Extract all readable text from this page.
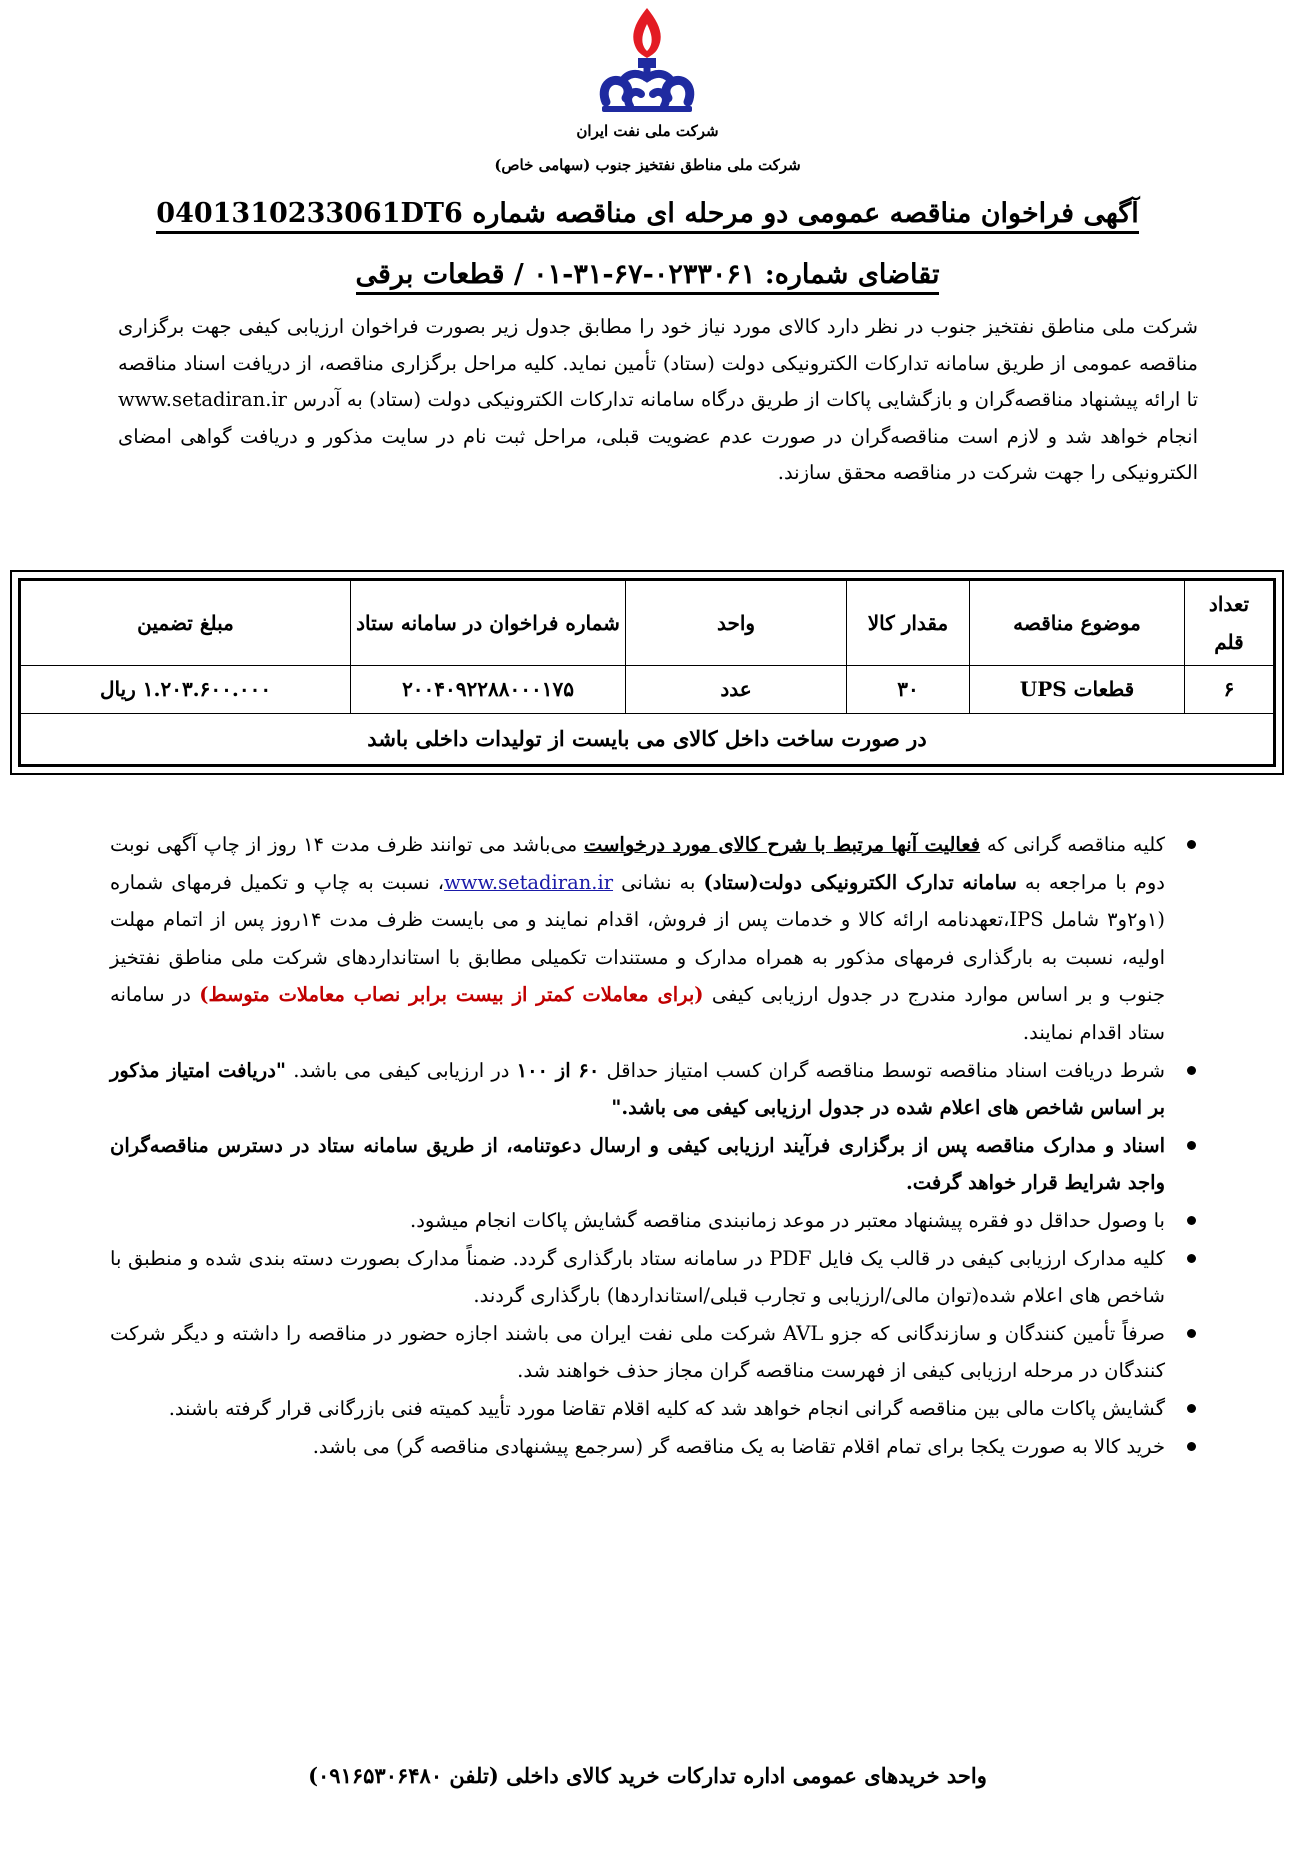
شرکت ملی نفت ایران
شرکت ملی مناطق نفتخیز جنوب (سهامی خاص)
آگهی فراخوان مناقصه عمومی دو مرحله ای مناقصه شماره 0401310233061DT6
تقاضای شماره: ۰۲۳۳۰۶۱-۶۷-۳۱-۰۱ / قطعات برقی
شرکت ملی مناطق نفتخیز جنوب در نظر دارد کالای مورد نیاز خود را مطابق جدول زیر بصورت فراخوان ارزیابی کیفی جهت برگزاری مناقصه عمومی از طریق سامانه تدارکات الکترونیکی دولت (ستاد) تأمین نماید. کلیه مراحل برگزاری مناقصه، از دریافت اسناد مناقصه تا ارائه پیشنهاد مناقصه‌گران و بازگشایی پاکات از طریق درگاه سامانه تدارکات الکترونیکی دولت (ستاد) به آدرس www.setadiran.ir انجام خواهد شد و لازم است مناقصه‌گران در صورت عدم عضویت قبلی، مراحل ثبت نام در سایت مذکور و دریافت گواهی امضای الکترونیکی را جهت شرکت در مناقصه محقق سازند.
تعداد
قلم	موضوع مناقصه	مقدار کالا	واحد	شماره فراخوان در سامانه ستاد	مبلغ تضمین
۶	قطعات UPS	۳۰	عدد	۲۰۰۴۰۹۲۲۸۸۰۰۰۱۷۵	۱.۲۰۳.۶۰۰.۰۰۰ ریال
در صورت ساخت داخل کالای می بایست از تولیدات داخلی باشد					
کلیه مناقصه گرانی که فعالیت آنها مرتبط با شرح کالای مورد درخواست می‌باشد می توانند ظرف مدت ۱۴ روز از چاپ آگهی نوبت دوم با مراجعه به سامانه تدارک الکترونیکی دولت(ستاد) به نشانی www.setadiran.ir، نسبت به چاپ و تکمیل فرمهای شماره (۱و۲و۳ شامل IPS،تعهدنامه ارائه کالا و خدمات پس از فروش، اقدام نمایند و می بایست ظرف مدت ۱۴روز پس از اتمام مهلت اولیه، نسبت به بارگذاری فرمهای مذکور به همراه مدارک و مستندات تکمیلی مطابق با استانداردهای شرکت ملی مناطق نفتخیز جنوب و بر اساس موارد مندرج در جدول ارزیابی کیفی (برای معاملات کمتر از بیست برابر نصاب معاملات متوسط) در سامانه ستاد اقدام نمایند.
شرط دریافت اسناد مناقصه توسط مناقصه گران کسب امتیاز حداقل ۶۰ از ۱۰۰ در ارزیابی کیفی می باشد. "دریافت امتیاز مذکور بر اساس شاخص های اعلام شده در جدول ارزیابی کیفی می باشد."
اسناد و مدارک مناقصه پس از برگزاری فرآیند ارزیابی کیفی و ارسال دعوتنامه، از طریق سامانه ستاد در دسترس مناقصه‌گران واجد شرایط قرار خواهد گرفت.
با وصول حداقل دو فقره پیشنهاد معتبر در موعد زمانبندی مناقصه گشایش پاکات انجام میشود.
کلیه مدارک ارزیابی کیفی در قالب یک فایل PDF در سامانه ستاد بارگذاری گردد. ضمناً مدارک بصورت دسته بندی شده و منطبق با شاخص های اعلام شده(توان مالی/ارزیابی و تجارب قبلی/استانداردها) بارگذاری گردند.
صرفاً تأمین کنندگان و سازندگانی که جزو AVL شرکت ملی نفت ایران می باشند اجازه حضور در مناقصه را داشته و دیگر شرکت کنندگان در مرحله ارزیابی کیفی از فهرست مناقصه گران مجاز حذف خواهند شد.
گشایش پاکات مالی بین مناقصه گرانی انجام خواهد شد که کلیه اقلام تقاضا مورد تأیید کمیته فنی بازرگانی قرار گرفته باشند.
خرید کالا به صورت یکجا برای تمام اقلام تقاضا به یک مناقصه گر (سرجمع پیشنهادی مناقصه گر) می باشد.
واحد خریدهای عمومی اداره تدارکات خرید کالای داخلی (تلفن ۰۹۱۶۵۳۰۶۴۸۰)
